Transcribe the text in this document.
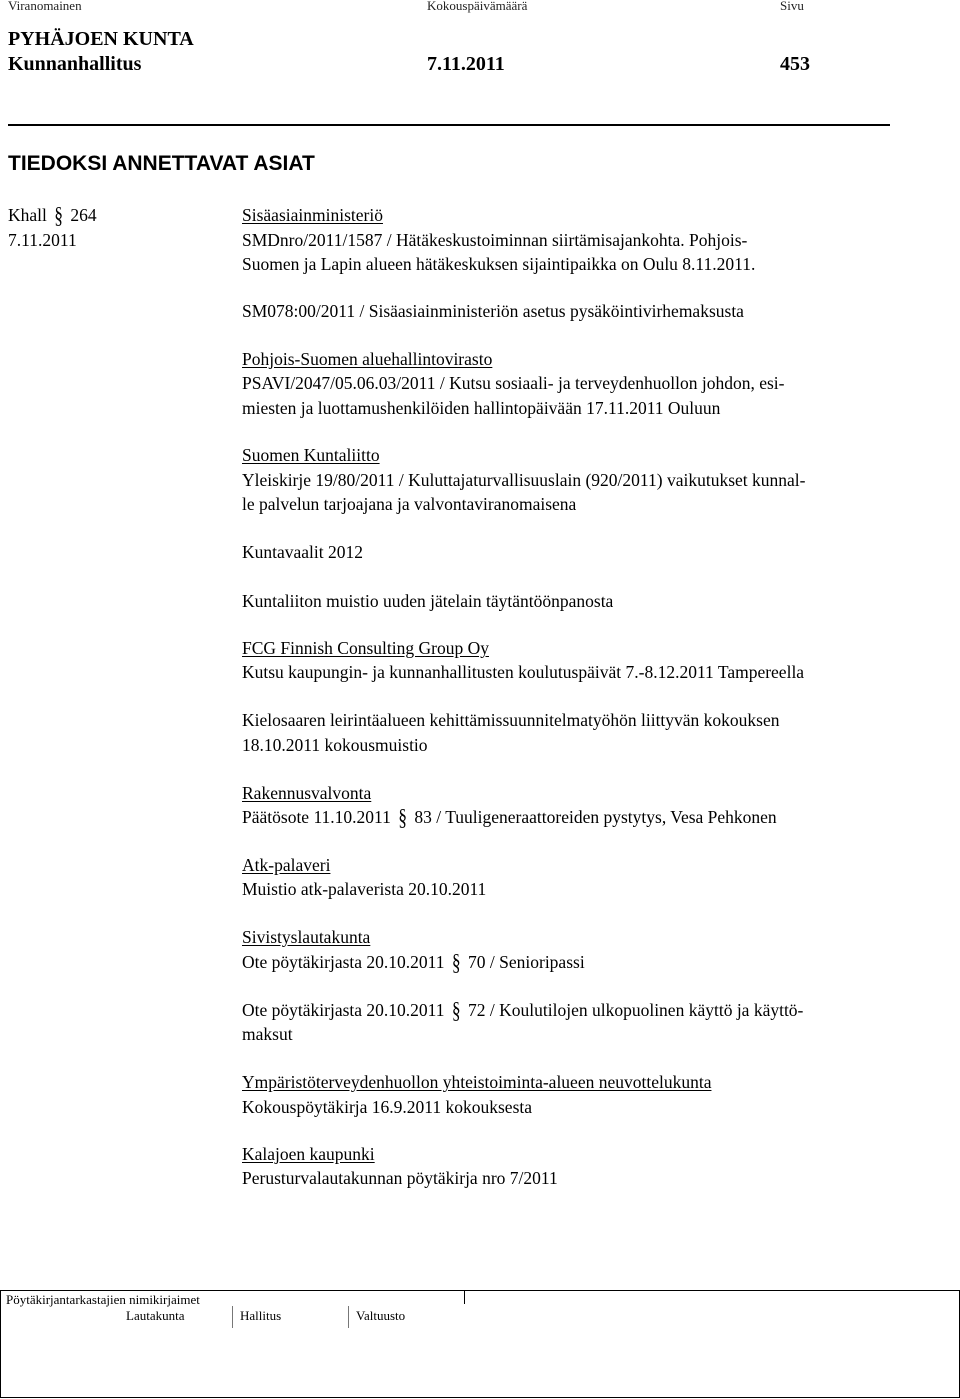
Viranomainen	Kokouspäivämäärä	Sivu
PYHÄJOEN KUNTA
Kunnanhallitus	7.11.2011	453
TIEDOKSI ANNETTAVAT ASIAT
Khall § 264
7.11.2011
Sisäasiainministeriö
SMDnro/2011/1587 / Hätäkeskustoiminnan siirtämisajankohta. Pohjois-
Suomen ja Lapin alueen hätäkeskuksen sijaintipaikka on Oulu 8.11.2011.
SM078:00/2011 / Sisäasiainministeriön asetus pysäköintivirhemaksusta
Pohjois-Suomen aluehallintovirasto
PSAVI/2047/05.06.03/2011 / Kutsu sosiaali- ja terveydenhuollon johdon, esi-
miesten ja luottamushenkilöiden hallintopäivään 17.11.2011 Ouluun
Suomen Kuntaliitto
Yleiskirje 19/80/2011 / Kuluttajaturvallisuuslain (920/2011) vaikutukset kunnal-
le palvelun tarjoajana ja valvontaviranomaisena
Kuntavaalit 2012
Kuntaliiton muistio uuden jätelain täytäntöönpanosta
FCG Finnish Consulting Group Oy
Kutsu kaupungin- ja kunnanhallitusten koulutuspäivät 7.-8.12.2011 Tampereella
Kielosaaren leirintäalueen kehittämissuunnitelmatyöhön liittyvän kokouksen
18.10.2011 kokousmuistio
Rakennusvalvonta
Päätösote 11.10.2011 § 83 / Tuuligeneraattoreiden pystytys, Vesa Pehkonen
Atk-palaveri
Muistio atk-palaverista 20.10.2011
Sivistyslautakunta
Ote pöytäkirjasta 20.10.2011 § 70 / Senioripassi
Ote pöytäkirjasta 20.10.2011 § 72 / Koulutilojen ulkopuolinen käyttö ja käyttö-
maksut
Ympäristöterveydenhuollon yhteistoiminta-alueen neuvottelukunta
Kokouspöytäkirja 16.9.2011 kokouksesta
Kalajoen kaupunki
Perusturvalautakunnan pöytäkirja nro 7/2011
Pöytäkirjantarkastajien nimikirjaimet
Lautakunta	Hallitus	Valtuusto
